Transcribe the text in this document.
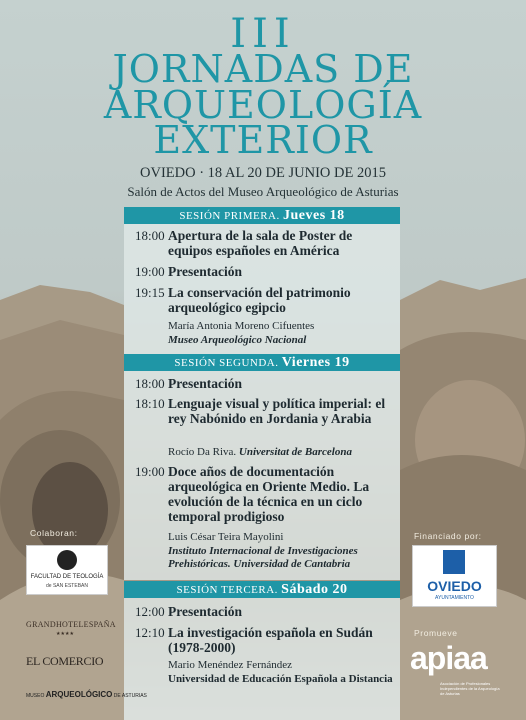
III
JORNADAS DE
ARQUEOLOGÍA
EXTERIOR
OVIEDO · 18 AL 20 DE JUNIO DE 2015
Salón de Actos del Museo Arqueológico de Asturias
SESIÓN PRIMERA. Jueves 18
18:00 Apertura de la sala de Poster de equipos españoles en América
19:00 Presentación
19:15 La conservación del patrimonio arqueológico egipcio
María Antonia Moreno Cifuentes
Museo Arqueológico Nacional
SESIÓN SEGUNDA. Viernes 19
18:00 Presentación
18:10 Lenguaje visual y política imperial: el rey Nabónido en Jordania y Arabia
Rocío Da Riva. Universitat de Barcelona
19:00 Doce años de documentación arqueológica en Oriente Medio. La evolución de la técnica en un ciclo temporal prodigioso
Luis César Teira Mayolini
Instituto Internacional de Investigaciones Prehistóricas. Universidad de Cantabria
SESIÓN TERCERA. Sábado 20
12:00 Presentación
12:10 La investigación española en Sudán (1978-2000)
Mario Menéndez Fernández
Universidad de Educación Española a Distancia
Colaboran:
FACULTAD DE TEOLOGÍA
de SAN ESTEBAN
GRANDHOTELESPAÑA
★★★★
EL COMERCIO
MUSEO ARQUEOLÓGICO DE ASTURIAS
Financiado por:
OVIEDO
AYUNTAMIENTO
Promueve
apiaa
Asociación de Profesionales
Independientes de la Arqueología
de Asturias
